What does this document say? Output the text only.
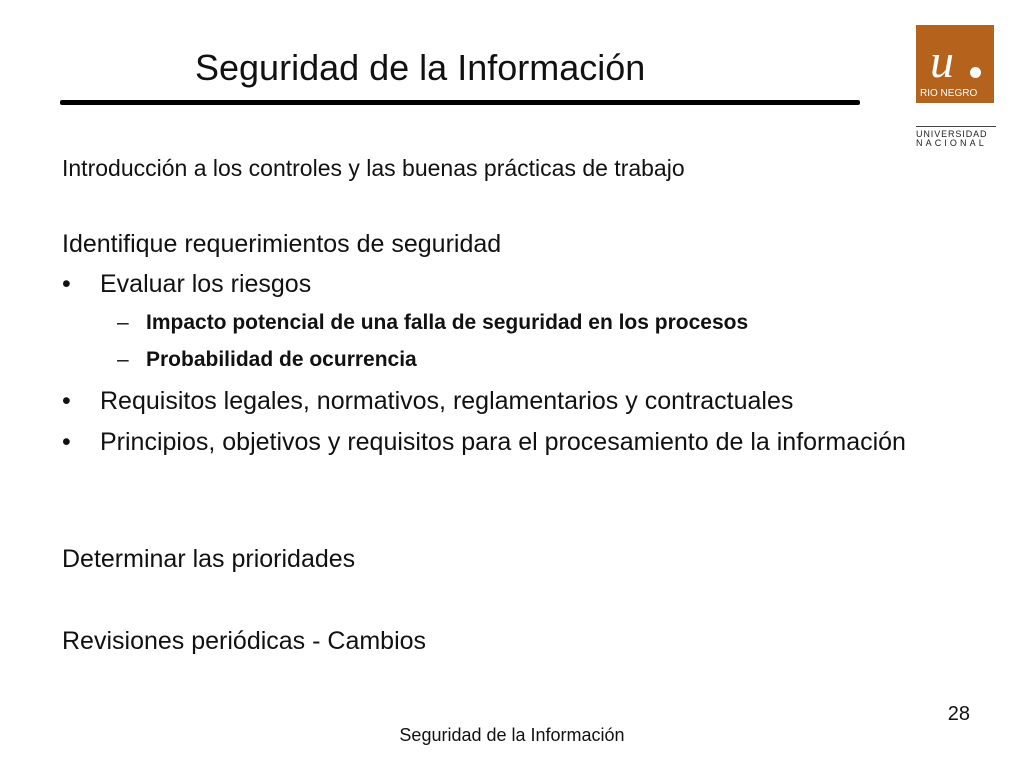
Seguridad de la Información	u
RIO NEGRO
UNIVERSIDAD
NACIONAL
Introducción a los controles y las buenas prácticas de trabajo
Identifique requerimientos de seguridad
• Evaluar los riesgos
– Impacto potencial de una falla de seguridad en los procesos
– Probabilidad de ocurrencia
• Requisitos legales, normativos, reglamentarios y contractuales
• Principios, objetivos y requisitos para el procesamiento de la información
Determinar las prioridades
Revisiones periódicas - Cambios
28
Seguridad de la Información
